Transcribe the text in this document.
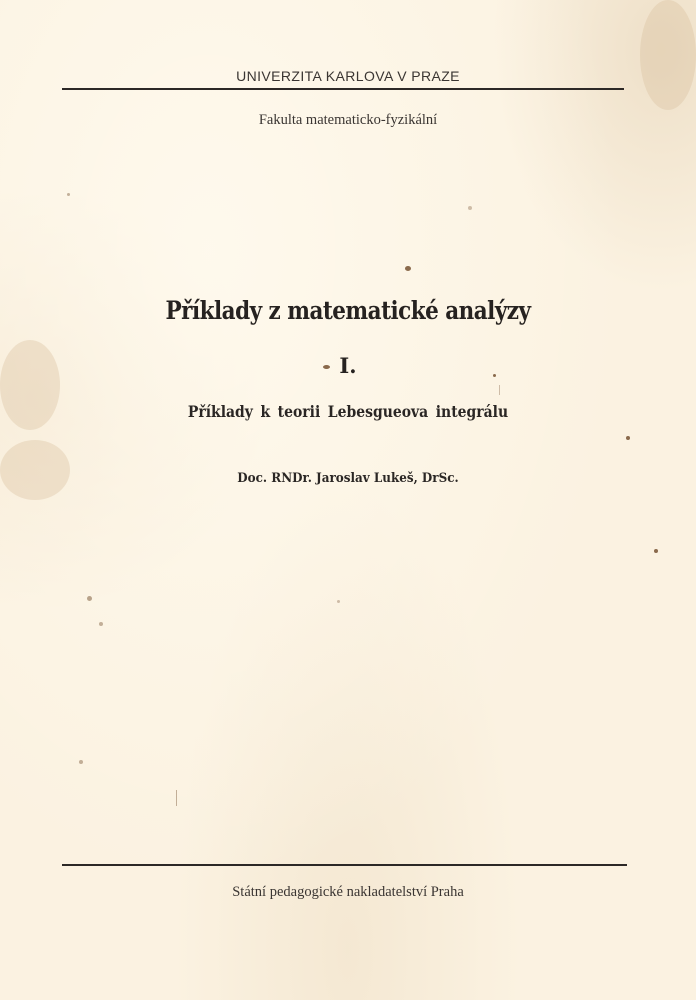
UNIVERZITA KARLOVA V PRAZE
Fakulta matematicko-fyzikální
Příklady z matematické analýzy
I.
Příklady k teorii Lebesgueova integrálu
Doc. RNDr. Jaroslav Lukeš, DrSc.
Státní pedagogické nakladatelství Praha
